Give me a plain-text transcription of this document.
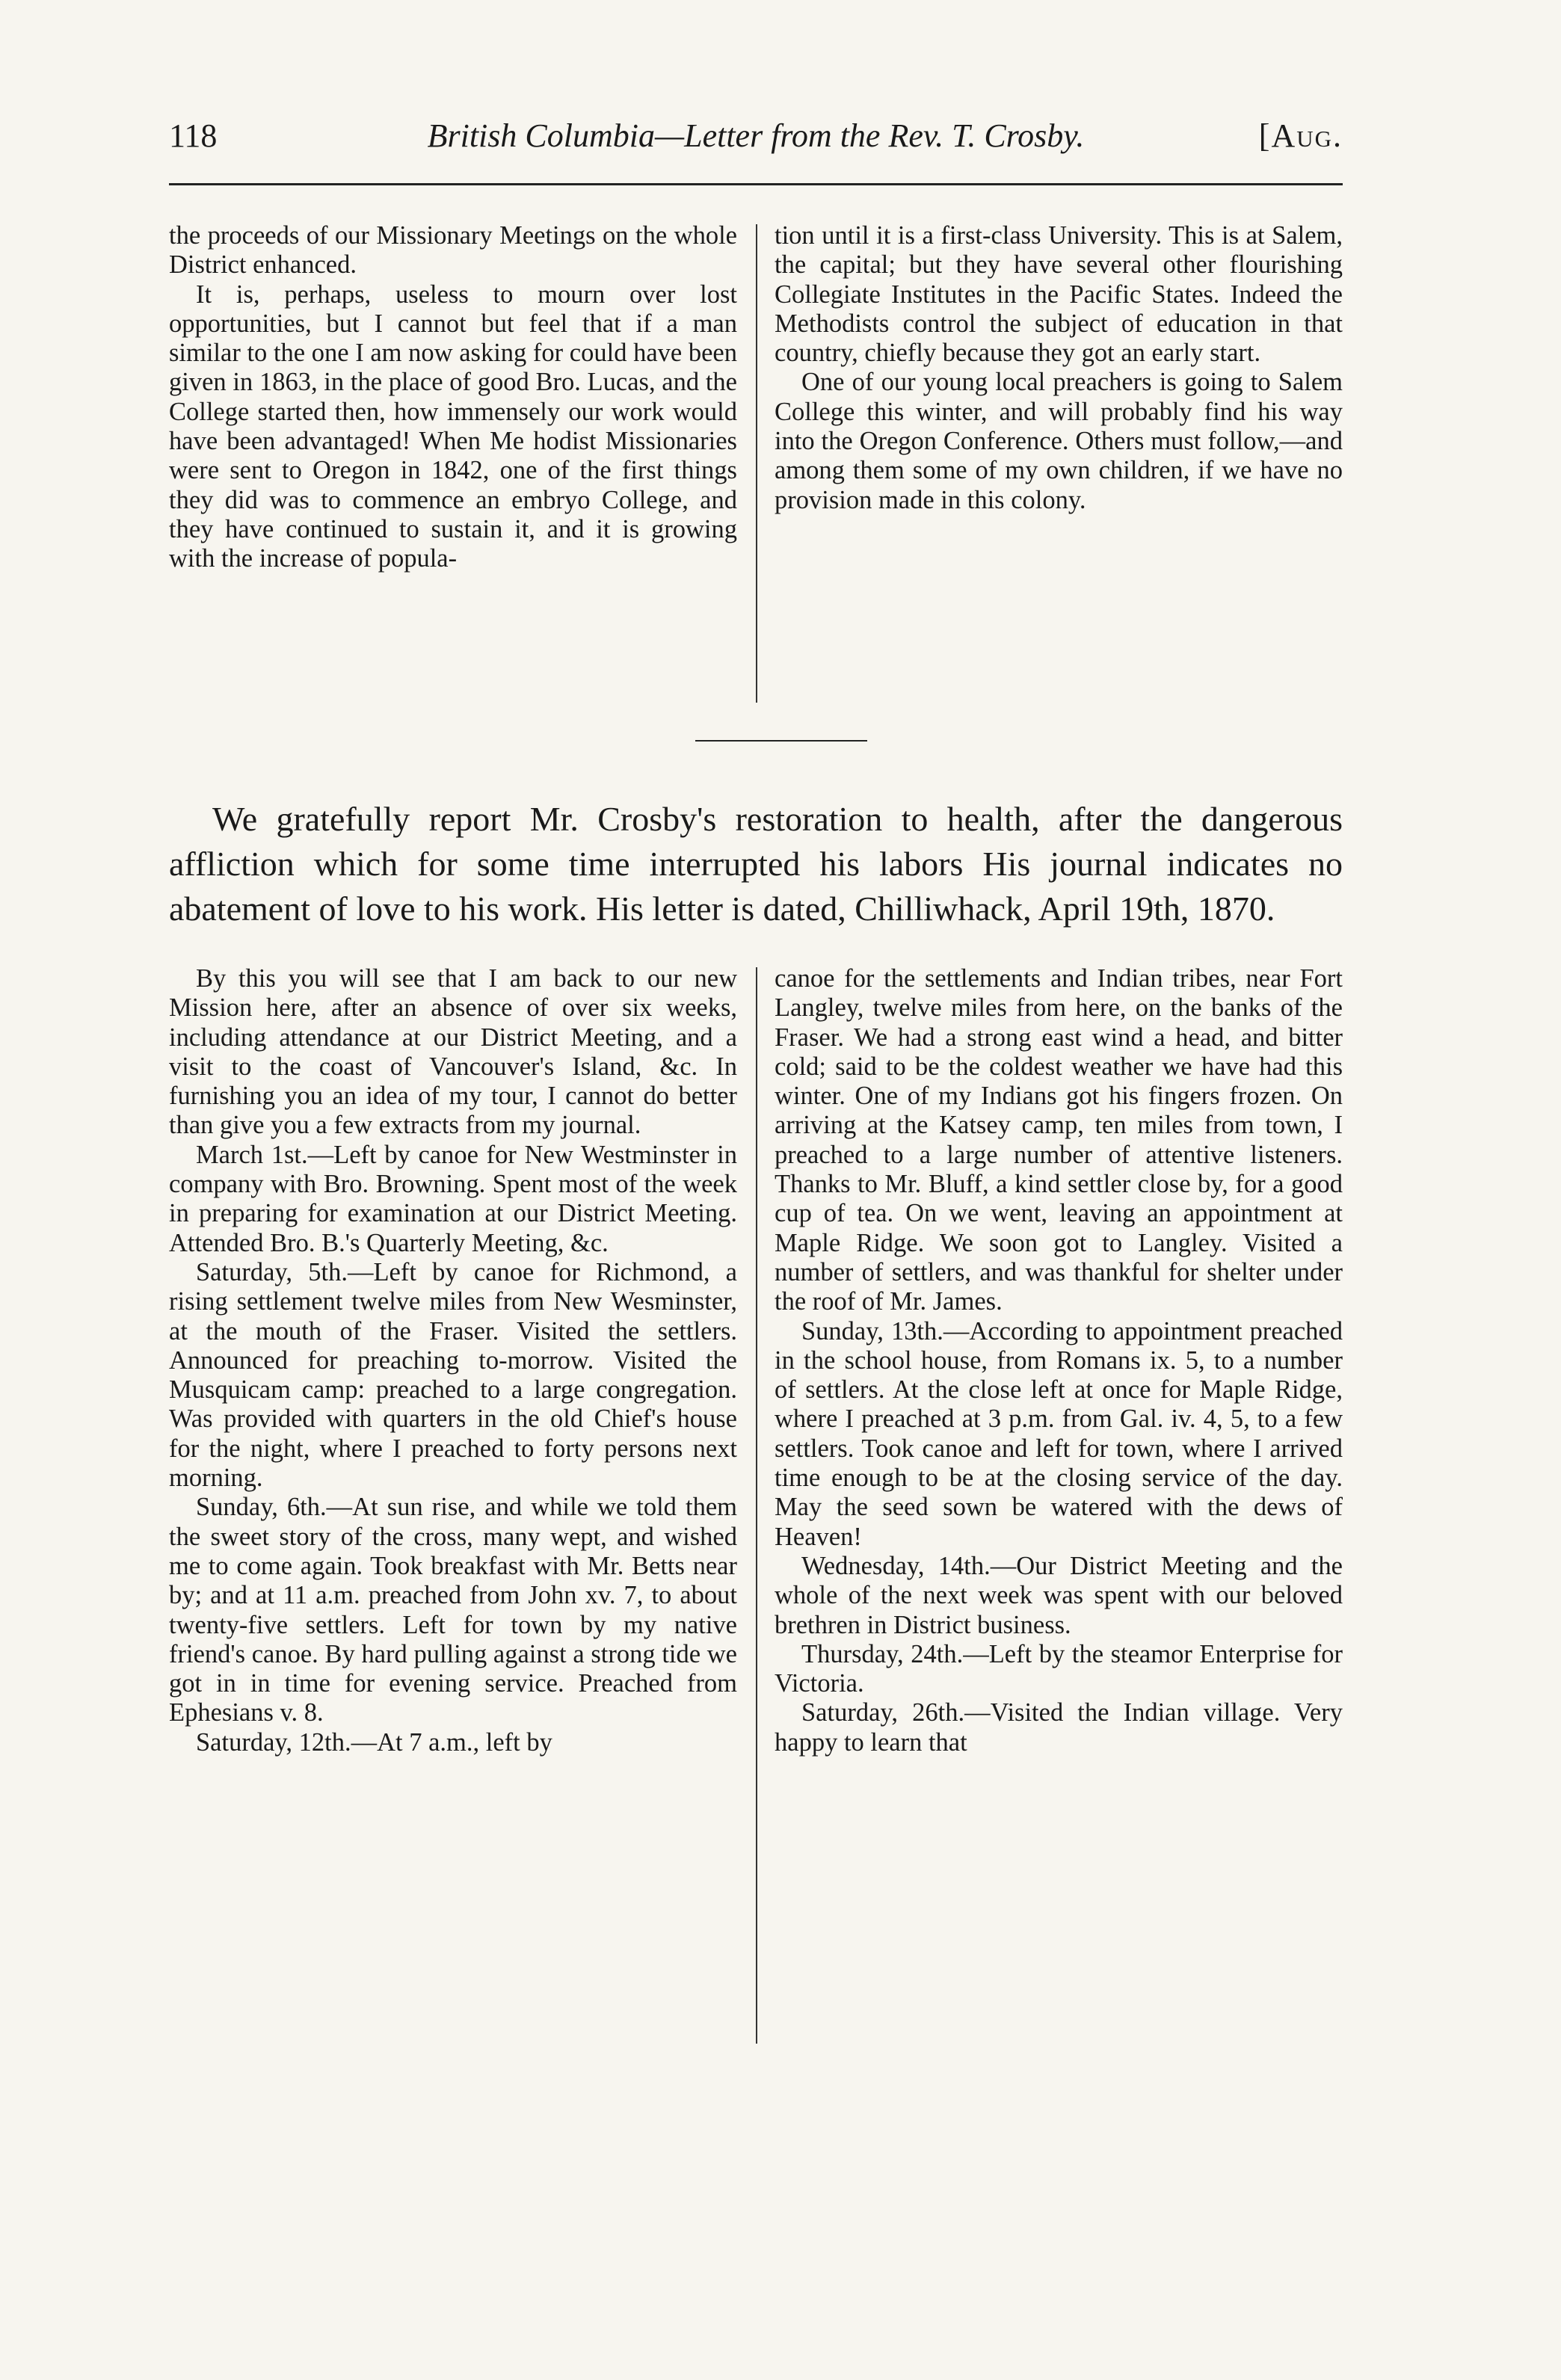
118	British Columbia—Letter from the Rev. T. Crosby.	[Aug.

the proceeds of our Missionary Meetings on the whole District enhanced.

It is, perhaps, useless to mourn over lost opportunities, but I cannot but feel that if a man similar to the one I am now asking for could have been given in 1863, in the place of good Bro. Lucas, and the College started then, how immensely our work would have been advantaged! When Me hodist Missionaries were sent to Oregon in 1842, one of the first things they did was to commence an embryo College, and they have continued to sustain it, and it is growing with the increase of popula-

tion until it is a first-class University. This is at Salem, the capital; but they have several other flourishing Collegiate Institutes in the Pacific States. Indeed the Methodists control the subject of education in that country, chiefly because they got an early start.

One of our young local preachers is going to Salem College this winter, and will probably find his way into the Oregon Conference. Others must follow,—and among them some of my own children, if we have no provision made in this colony.

We gratefully report Mr. Crosby's restoration to health, after the dangerous affliction which for some time interrupted his labors His journal indicates no abatement of love to his work. His letter is dated, Chilliwhack, April 19th, 1870.

By this you will see that I am back to our new Mission here, after an absence of over six weeks, including attendance at our District Meeting, and a visit to the coast of Vancouver's Island, &c. In furnishing you an idea of my tour, I cannot do better than give you a few extracts from my journal.

March 1st.—Left by canoe for New Westminster in company with Bro. Browning. Spent most of the week in preparing for examination at our District Meeting. Attended Bro. B.'s Quarterly Meeting, &c.

Saturday, 5th.—Left by canoe for Richmond, a rising settlement twelve miles from New Wesminster, at the mouth of the Fraser. Visited the settlers. Announced for preaching to-morrow. Visited the Musquicam camp: preached to a large congregation. Was provided with quarters in the old Chief's house for the night, where I preached to forty persons next morning.

Sunday, 6th.—At sun rise, and while we told them the sweet story of the cross, many wept, and wished me to come again. Took breakfast with Mr. Betts near by; and at 11 a.m. preached from John xv. 7, to about twenty-five settlers. Left for town by my native friend's canoe. By hard pulling against a strong tide we got in in time for evening service. Preached from Ephesians v. 8.

Saturday, 12th.—At 7 a.m., left by

canoe for the settlements and Indian tribes, near Fort Langley, twelve miles from here, on the banks of the Fraser. We had a strong east wind a head, and bitter cold; said to be the coldest weather we have had this winter. One of my Indians got his fingers frozen. On arriving at the Katsey camp, ten miles from town, I preached to a large number of attentive listeners. Thanks to Mr. Bluff, a kind settler close by, for a good cup of tea. On we went, leaving an appointment at Maple Ridge. We soon got to Langley. Visited a number of settlers, and was thankful for shelter under the roof of Mr. James.

Sunday, 13th.—According to appointment preached in the school house, from Romans ix. 5, to a number of settlers. At the close left at once for Maple Ridge, where I preached at 3 p.m. from Gal. iv. 4, 5, to a few settlers. Took canoe and left for town, where I arrived time enough to be at the closing service of the day. May the seed sown be watered with the dews of Heaven!

Wednesday, 14th.—Our District Meeting and the whole of the next week was spent with our beloved brethren in District business.

Thursday, 24th.—Left by the steamor Enterprise for Victoria.

Saturday, 26th.—Visited the Indian village. Very happy to learn that
